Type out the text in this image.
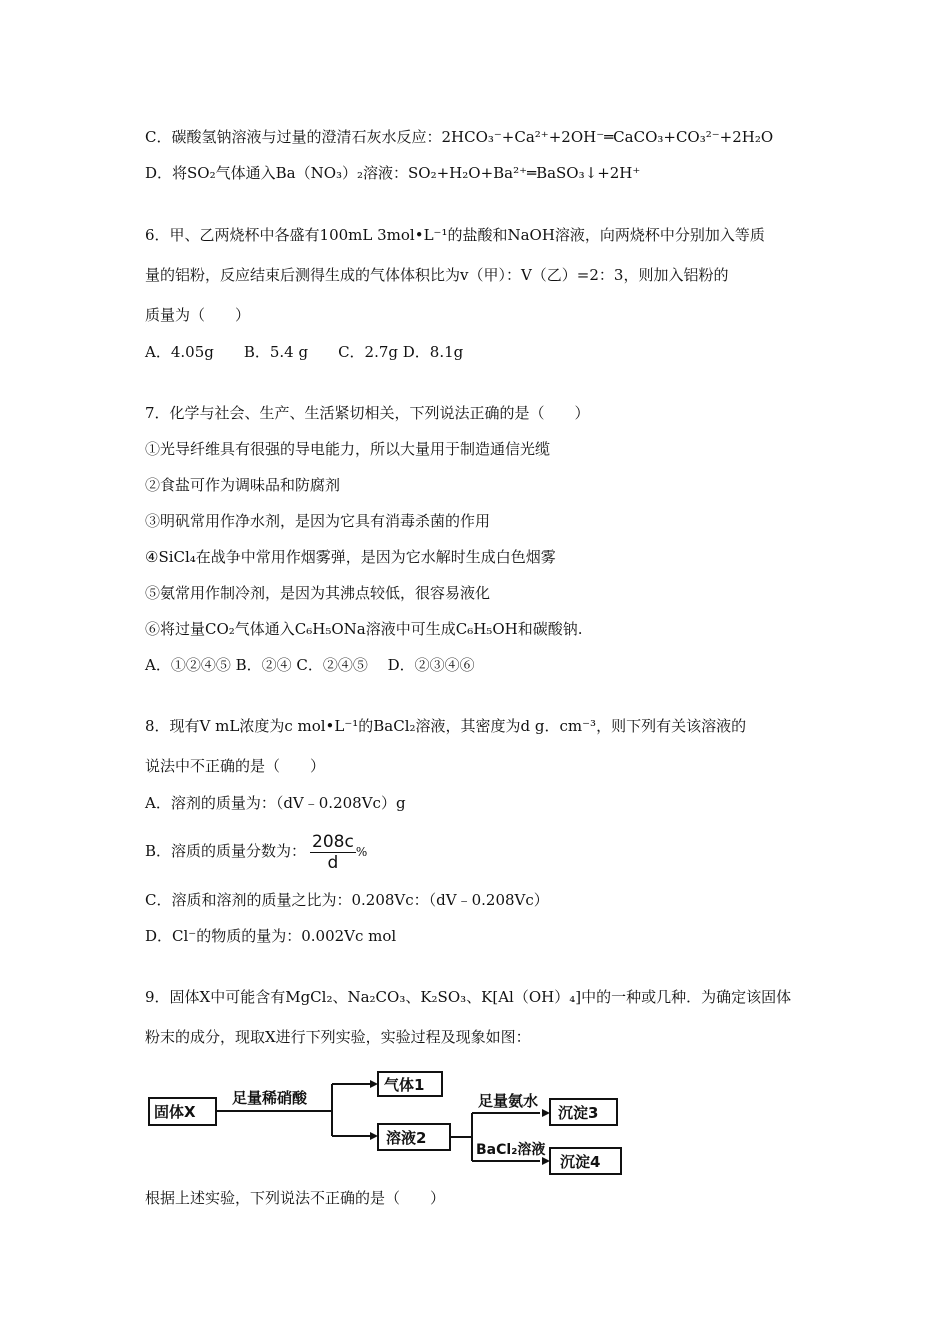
C．碳酸氢钠溶液与过量的澄清石灰水反应：2HCO₃⁻+Ca²⁺+2OH⁻═CaCO₃+CO₃²⁻+2H₂O
D．将SO₂气体通入Ba（NO₃）₂溶液：SO₂+H₂O+Ba²⁺═BaSO₃↓+2H⁺
6．甲、乙两烧杯中各盛有100mL 3mol•L⁻¹的盐酸和NaOH溶液，向两烧杯中分别加入等质
量的铝粉，反应结束后测得生成的气体体积比为v（甲）：V（乙）=2：3，则加入铝粉的
质量为（　　）
A．4.05g　　B．5.4 g　　C．2.7g D．8.1g
7．化学与社会、生产、生活紧切相关，下列说法正确的是（　　）
①光导纤维具有很强的导电能力，所以大量用于制造通信光缆
②食盐可作为调味品和防腐剂
③明矾常用作净水剂，是因为它具有消毒杀菌的作用
④SiCl₄在战争中常用作烟雾弹，是因为它水解时生成白色烟雾
⑤氨常用作制冷剂，是因为其沸点较低，很容易液化
⑥将过量CO₂气体通入C₆H₅ONa溶液中可生成C₆H₅OH和碳酸钠.
A．①②④⑤ B．②④ C．②④⑤　 D．②③④⑥
8．现有V mL浓度为c mol•L⁻¹的BaCl₂溶液，其密度为d g．cm⁻³，则下列有关该溶液的
说法中不正确的是（　　）
A．溶剂的质量为：（dV﹣0.208Vc）g
B．溶质的质量分数为： $\frac{208c}{d}$ %
C．溶质和溶剂的质量之比为：0.208Vc：（dV﹣0.208Vc）
D．Cl⁻的物质的量为：0.002Vc mol
9．固体X中可能含有MgCl₂、Na₂CO₃、K₂SO₃、K[Al（OH）₄]中的一种或几种．为确定该固体
粉末的成分，现取X进行下列实验，实验过程及现象如图：
固体X
足量稀硝酸
气体1
溶液2
足量氨水
BaCl₂溶液
沉淀3
沉淀4
根据上述实验，下列说法不正确的是（　　）
